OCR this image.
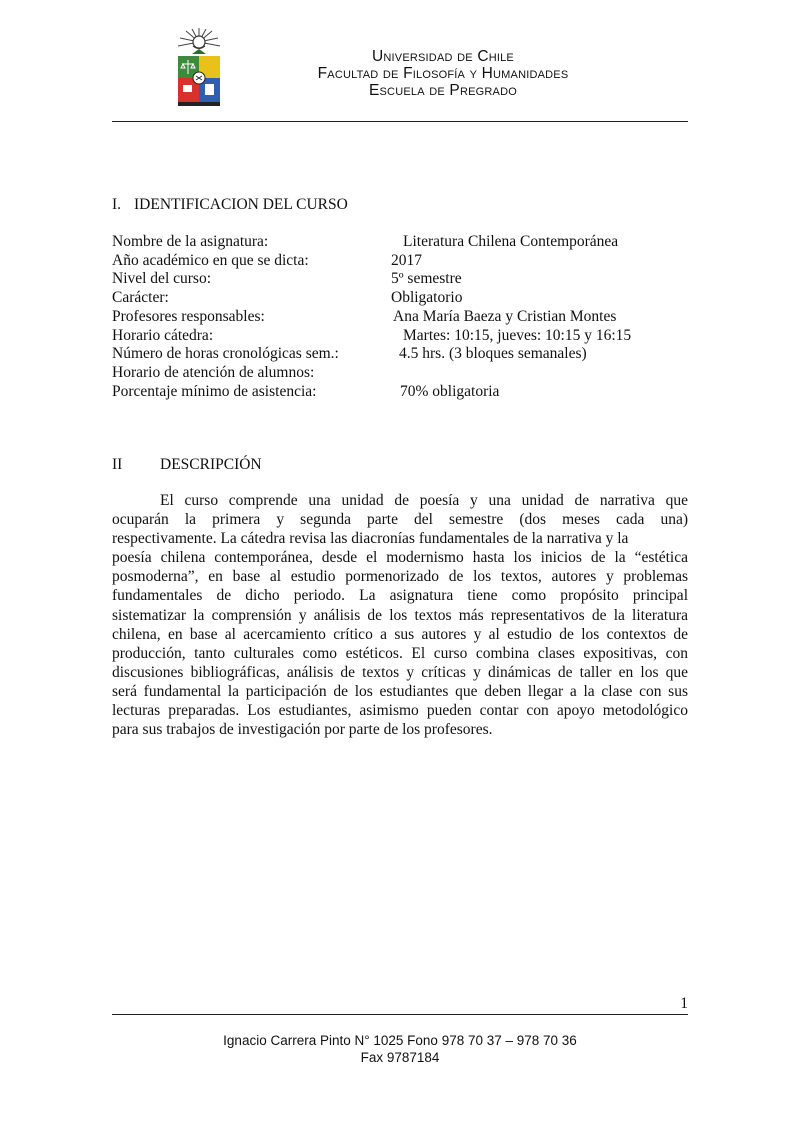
Universidad de Chile
Facultad de Filosofía y Humanidades
Escuela de Pregrado
I. IDENTIFICACION DEL CURSO
Nombre de la asignatura:	Literatura Chilena Contemporánea
Año académico en que se dicta:	2017
Nivel del curso:	5º semestre
Carácter:	Obligatorio
Profesores responsables:	Ana María Baeza y Cristian Montes
Horario cátedra:	Martes: 10:15, jueves: 10:15 y 16:15
Número de horas cronológicas sem.:	4.5 hrs. (3 bloques semanales)
Horario de atención de alumnos:
Porcentaje mínimo de asistencia:	70% obligatoria
II DESCRIPCIÓN
El curso comprende una unidad de poesía y una unidad de narrativa que
ocuparán la primera y segunda parte del semestre (dos meses cada una)
respectivamente. La cátedra revisa las diacronías fundamentales de la narrativa y la
poesía chilena contemporánea, desde el modernismo hasta los inicios de la “estética
posmoderna”, en base al estudio pormenorizado de los textos, autores y problemas
fundamentales de dicho periodo. La asignatura tiene como propósito principal
sistematizar la comprensión y análisis de los textos más representativos de la literatura
chilena, en base al acercamiento crítico a sus autores y al estudio de los contextos de
producción, tanto culturales como estéticos. El curso combina clases expositivas, con
discusiones bibliográficas, análisis de textos y críticas y dinámicas de taller en los que
será fundamental la participación de los estudiantes que deben llegar a la clase con sus
lecturas preparadas. Los estudiantes, asimismo pueden contar con apoyo metodológico
para sus trabajos de investigación por parte de los profesores.
1
Ignacio Carrera Pinto N° 1025 Fono 978 70 37 – 978 70 36
Fax 9787184
